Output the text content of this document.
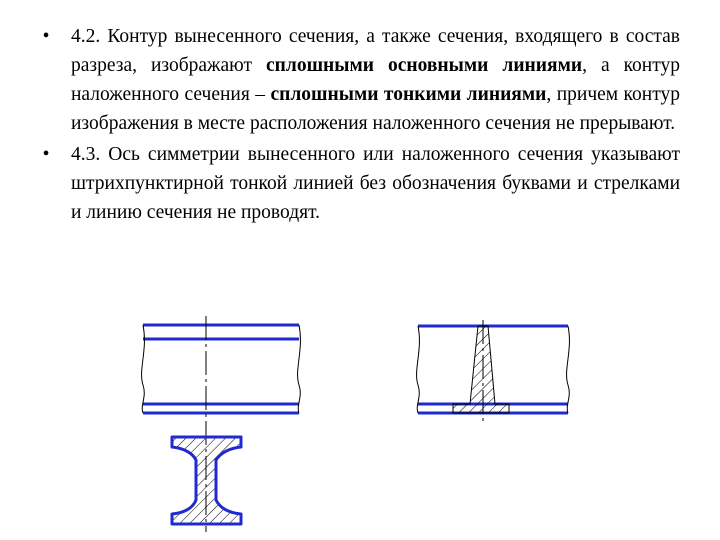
• 4.2. Контур вынесенного сечения, а также сечения, входящего в состав разреза, изображают сплошными основными линиями, а контур наложенного сечения – сплошными тонкими линиями, причем контур изображения в месте расположения наложенного сечения не прерывают.
• 4.3. Ось симметрии вынесенного или наложенного сечения указывают штрихпунктирной тонкой линией без обозначения буквами и стрелками и линию сечения не проводят.
